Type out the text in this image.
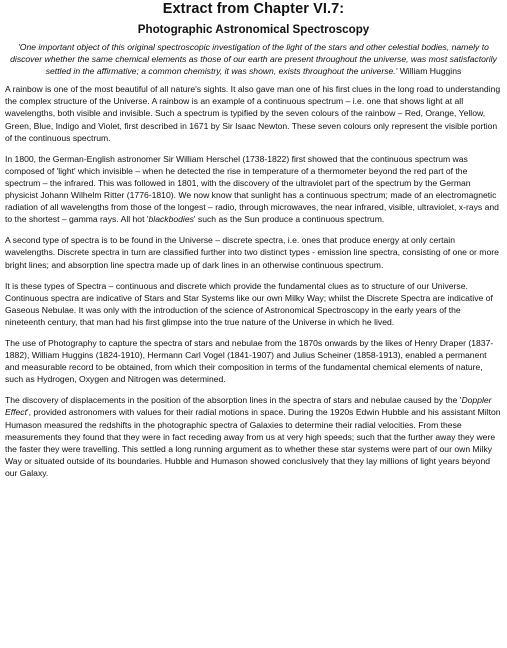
Extract from Chapter VI.7:
Photographic Astronomical Spectroscopy

'One important object of this original spectroscopic investigation of the light of the stars and other celestial bodies, namely to discover whether the same chemical elements as those of our earth are present throughout the universe, was most satisfactorily settled in the affirmative; a common chemistry, it was shown, exists throughout the universe.' William Huggins

A rainbow is one of the most beautiful of all nature's sights. It also gave man one of his first clues in the long road to understanding the complex structure of the Universe. A rainbow is an example of a continuous spectrum – i.e. one that shows light at all wavelengths, both visible and invisible. Such a spectrum is typified by the seven colours of the rainbow – Red, Orange, Yellow, Green, Blue, Indigo and Violet, first described in 1671 by Sir Isaac Newton. These seven colours only represent the visible portion of the continuous spectrum.

In 1800, the German-English astronomer Sir William Herschel (1738-1822) first showed that the continuous spectrum was composed of 'light' which invisible – when he detected the rise in temperature of a thermometer beyond the red part of the spectrum – the infrared. This was followed in 1801, with the discovery of the ultraviolet part of the spectrum by the German physicist Johann Wilhelm Ritter (1776-1810). We now know that sunlight has a continuous spectrum; made of an electromagnetic radiation of all wavelengths from those of the longest – radio, through microwaves, the near infrared, visible, ultraviolet, x-rays and to the shortest – gamma rays. All hot 'blackbodies' such as the Sun produce a continuous spectrum.

A second type of spectra is to be found in the Universe – discrete spectra, i.e. ones that produce energy at only certain wavelengths. Discrete spectra in turn are classified further into two distinct types - emission line spectra, consisting of one or more bright lines; and absorption line spectra made up of dark lines in an otherwise continuous spectrum.

It is these types of Spectra – continuous and discrete which provide the fundamental clues as to structure of our Universe. Continuous spectra are indicative of Stars and Star Systems like our own Milky Way; whilst the Discrete Spectra are indicative of Gaseous Nebulae. It was only with the introduction of the science of Astronomical Spectroscopy in the early years of the nineteenth century, that man had his first glimpse into the true nature of the Universe in which he lived.

The use of Photography to capture the spectra of stars and nebulae from the 1870s onwards by the likes of Henry Draper (1837-1882), William Huggins (1824-1910), Hermann Carl Vogel (1841-1907) and Julius Scheiner (1858-1913), enabled a permanent and measurable record to be obtained, from which their composition in terms of the fundamental chemical elements of nature, such as Hydrogen, Oxygen and Nitrogen was determined.

The discovery of displacements in the position of the absorption lines in the spectra of stars and nebulae caused by the 'Doppler Effect', provided astronomers with values for their radial motions in space. During the 1920s Edwin Hubble and his assistant Milton Humason measured the redshifts in the photographic spectra of Galaxies to determine their radial velocities. From these measurements they found that they were in fact receding away from us at very high speeds; such that the further away they were the faster they were travelling. This settled a long running argument as to whether these star systems were part of our own Milky Way or situated outside of its boundaries. Hubble and Humason showed conclusively that they lay millions of light years beyond our Galaxy.
